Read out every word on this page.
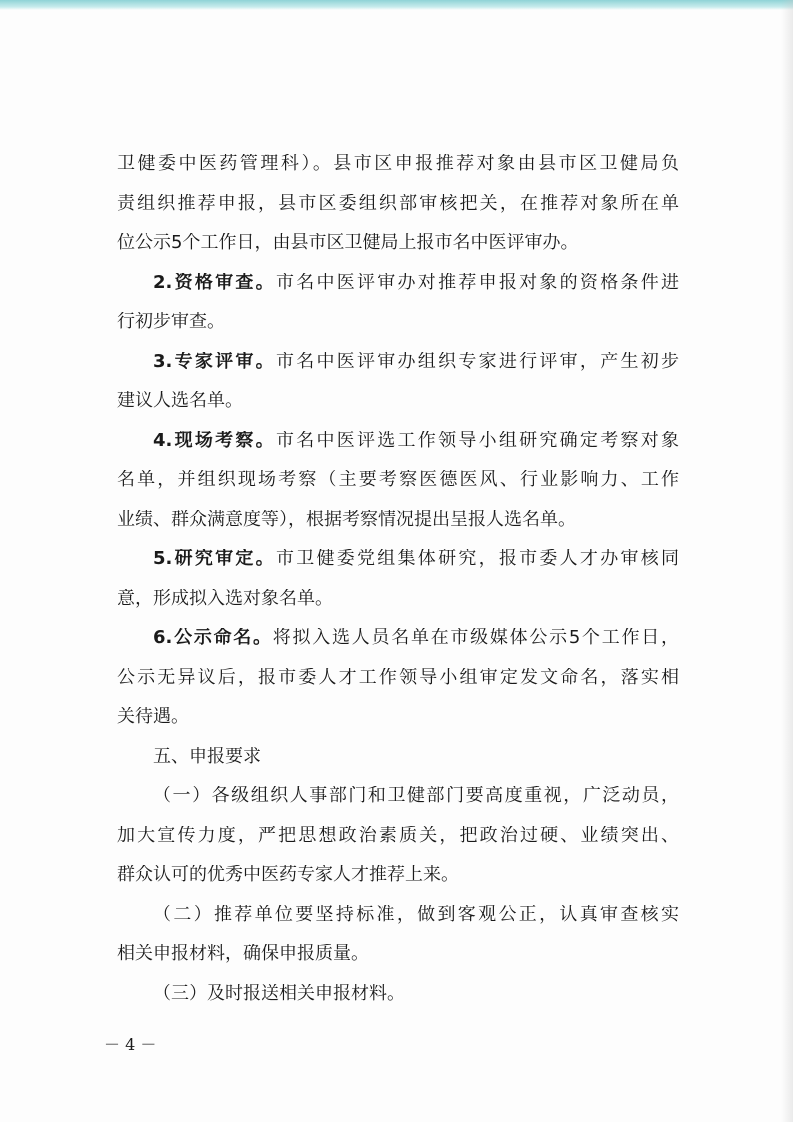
卫健委中医药管理科）。县市区申报推荐对象由县市区卫健局负
责组织推荐申报，县市区委组织部审核把关，在推荐对象所在单
位公示5个工作日，由县市区卫健局上报市名中医评审办。
2.资格审查。市名中医评审办对推荐申报对象的资格条件进
行初步审查。
3.专家评审。市名中医评审办组织专家进行评审，产生初步
建议人选名单。
4.现场考察。市名中医评选工作领导小组研究确定考察对象
名单，并组织现场考察（主要考察医德医风、行业影响力、工作
业绩、群众满意度等），根据考察情况提出呈报人选名单。
5.研究审定。市卫健委党组集体研究，报市委人才办审核同
意，形成拟入选对象名单。
6.公示命名。将拟入选人员名单在市级媒体公示5个工作日，
公示无异议后，报市委人才工作领导小组审定发文命名，落实相
关待遇。
五、申报要求
（一）各级组织人事部门和卫健部门要高度重视，广泛动员，
加大宣传力度，严把思想政治素质关，把政治过硬、业绩突出、
群众认可的优秀中医药专家人才推荐上来。
（二）推荐单位要坚持标准，做到客观公正，认真审查核实
相关申报材料，确保申报质量。
（三）及时报送相关申报材料。
－ 4 －
